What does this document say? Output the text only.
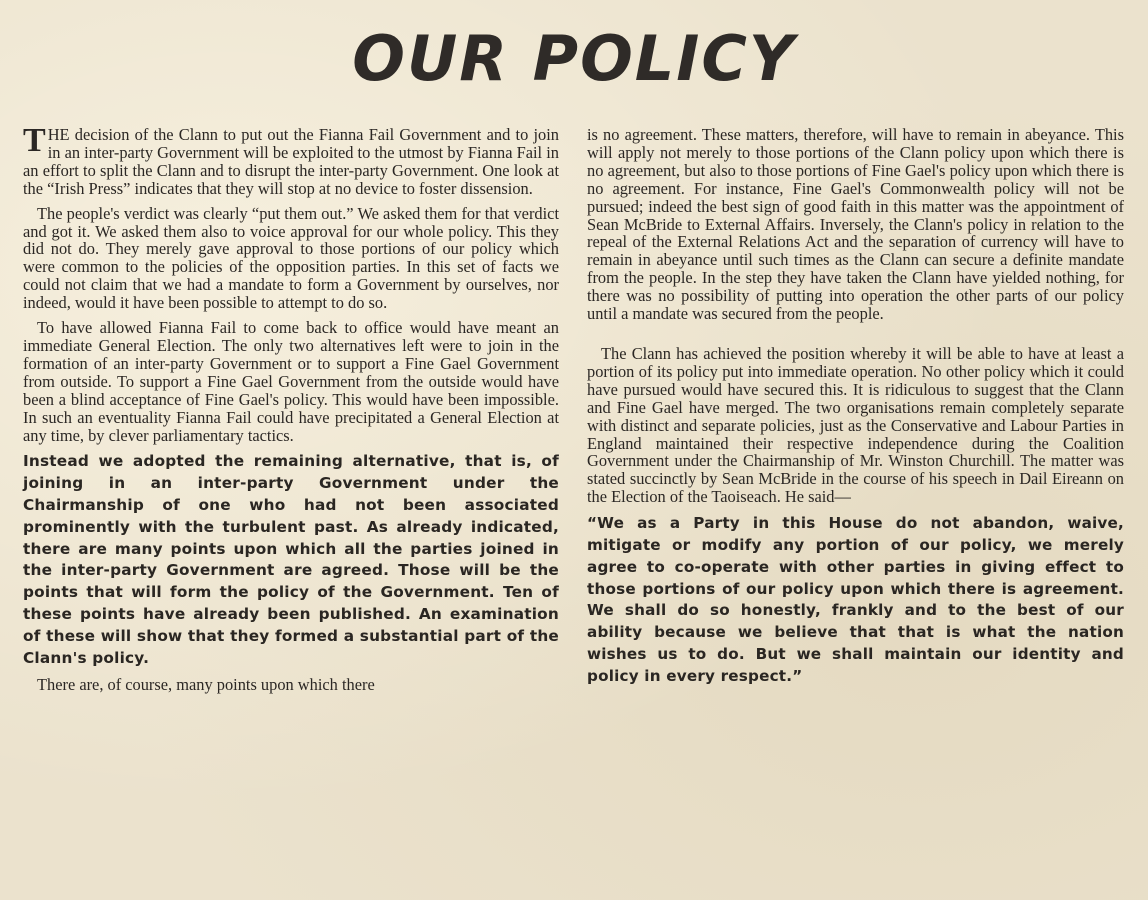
OUR POLICY

THE decision of the Clann to put out the Fianna Fail Government and to join in an inter-party Government will be exploited to the utmost by Fianna Fail in an effort to split the Clann and to disrupt the inter-party Government. One look at the “Irish Press” indicates that they will stop at no device to foster dissension.

The people's verdict was clearly “put them out.” We asked them for that verdict and got it. We asked them also to voice approval for our whole policy. This they did not do. They merely gave approval to those portions of our policy which were common to the policies of the opposition parties. In this set of facts we could not claim that we had a mandate to form a Government by ourselves, nor indeed, would it have been possible to attempt to do so.

To have allowed Fianna Fail to come back to office would have meant an immediate General Election. The only two alternatives left were to join in the formation of an inter-party Government or to support a Fine Gael Government from outside. To support a Fine Gael Government from the outside would have been a blind acceptance of Fine Gael's policy. This would have been impossible. In such an eventuality Fianna Fail could have precipitated a General Election at any time, by clever parliamentary tactics.

Instead we adopted the remaining alternative, that is, of joining in an inter-party Government under the Chairmanship of one who had not been associated prominently with the turbulent past. As already indicated, there are many points upon which all the parties joined in the inter-party Government are agreed. Those will be the points that will form the policy of the Government. Ten of these points have already been published. An examination of these will show that they formed a substantial part of the Clann's policy.

There are, of course, many points upon which there

is no agreement. These matters, therefore, will have to remain in abeyance. This will apply not merely to those portions of the Clann policy upon which there is no agreement, but also to those portions of Fine Gael's policy upon which there is no agreement. For instance, Fine Gael's Commonwealth policy will not be pursued; indeed the best sign of good faith in this matter was the appointment of Sean McBride to External Affairs. Inversely, the Clann's policy in relation to the repeal of the External Relations Act and the separation of currency will have to remain in abeyance until such times as the Clann can secure a definite mandate from the people. In the step they have taken the Clann have yielded nothing, for there was no possibility of putting into operation the other parts of our policy until a mandate was secured from the people.

The Clann has achieved the position whereby it will be able to have at least a portion of its policy put into immediate operation. No other policy which it could have pursued would have secured this. It is ridiculous to suggest that the Clann and Fine Gael have merged. The two organisations remain completely separate with distinct and separate policies, just as the Conservative and Labour Parties in England maintained their respective independence during the Coalition Government under the Chairmanship of Mr. Winston Churchill. The matter was stated succinctly by Sean McBride in the course of his speech in Dail Eireann on the Election of the Taoiseach. He said—

“We as a Party in this House do not abandon, waive, mitigate or modify any portion of our policy, we merely agree to co-operate with other parties in giving effect to those portions of our policy upon which there is agreement. We shall do so honestly, frankly and to the best of our ability because we believe that that is what the nation wishes us to do. But we shall maintain our identity and policy in every respect.”
